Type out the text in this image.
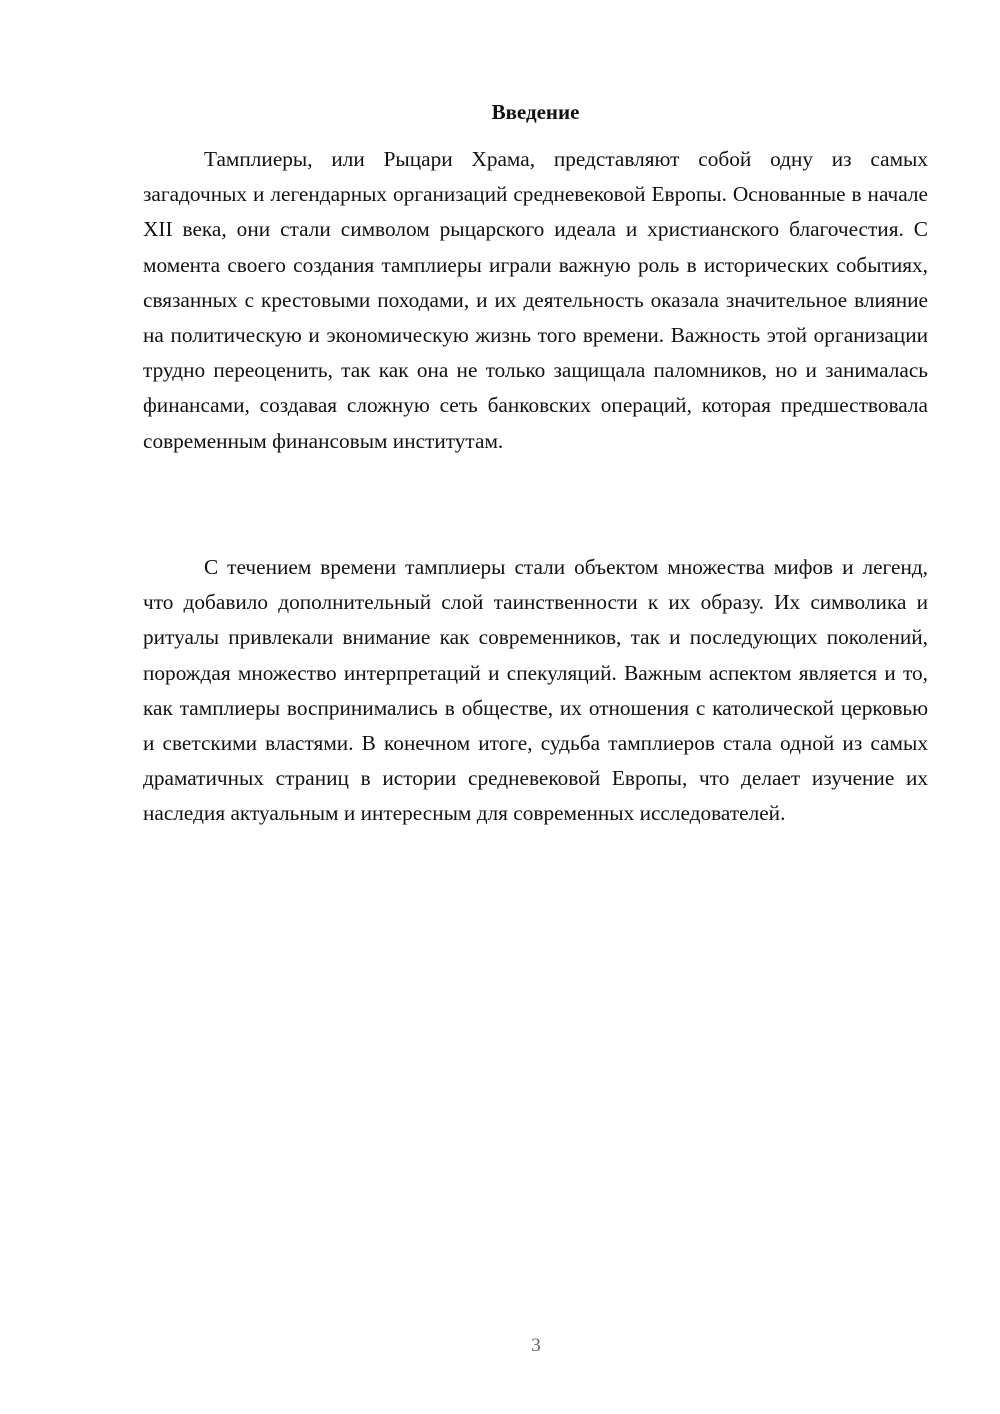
Введение

Тамплиеры, или Рыцари Храма, представляют собой одну из самых загадочных и легендарных организаций средневековой Европы. Основанные в начале XII века, они стали символом рыцарского идеала и христианского благочестия. С момента своего создания тамплиеры играли важную роль в исторических событиях, связанных с крестовыми походами, и их деятельность оказала значительное влияние на политическую и экономическую жизнь того времени. Важность этой организации трудно переоценить, так как она не только защищала паломников, но и занималась финансами, создавая сложную сеть банковских операций, которая предшествовала современным финансовым институтам.

С течением времени тамплиеры стали объектом множества мифов и легенд, что добавило дополнительный слой таинственности к их образу. Их символика и ритуалы привлекали внимание как современников, так и последующих поколений, порождая множество интерпретаций и спекуляций. Важным аспектом является и то, как тамплиеры воспринимались в обществе, их отношения с католической церковью и светскими властями. В конечном итоге, судьба тамплиеров стала одной из самых драматичных страниц в истории средневековой Европы, что делает изучение их наследия актуальным и интересным для современных исследователей.

3
